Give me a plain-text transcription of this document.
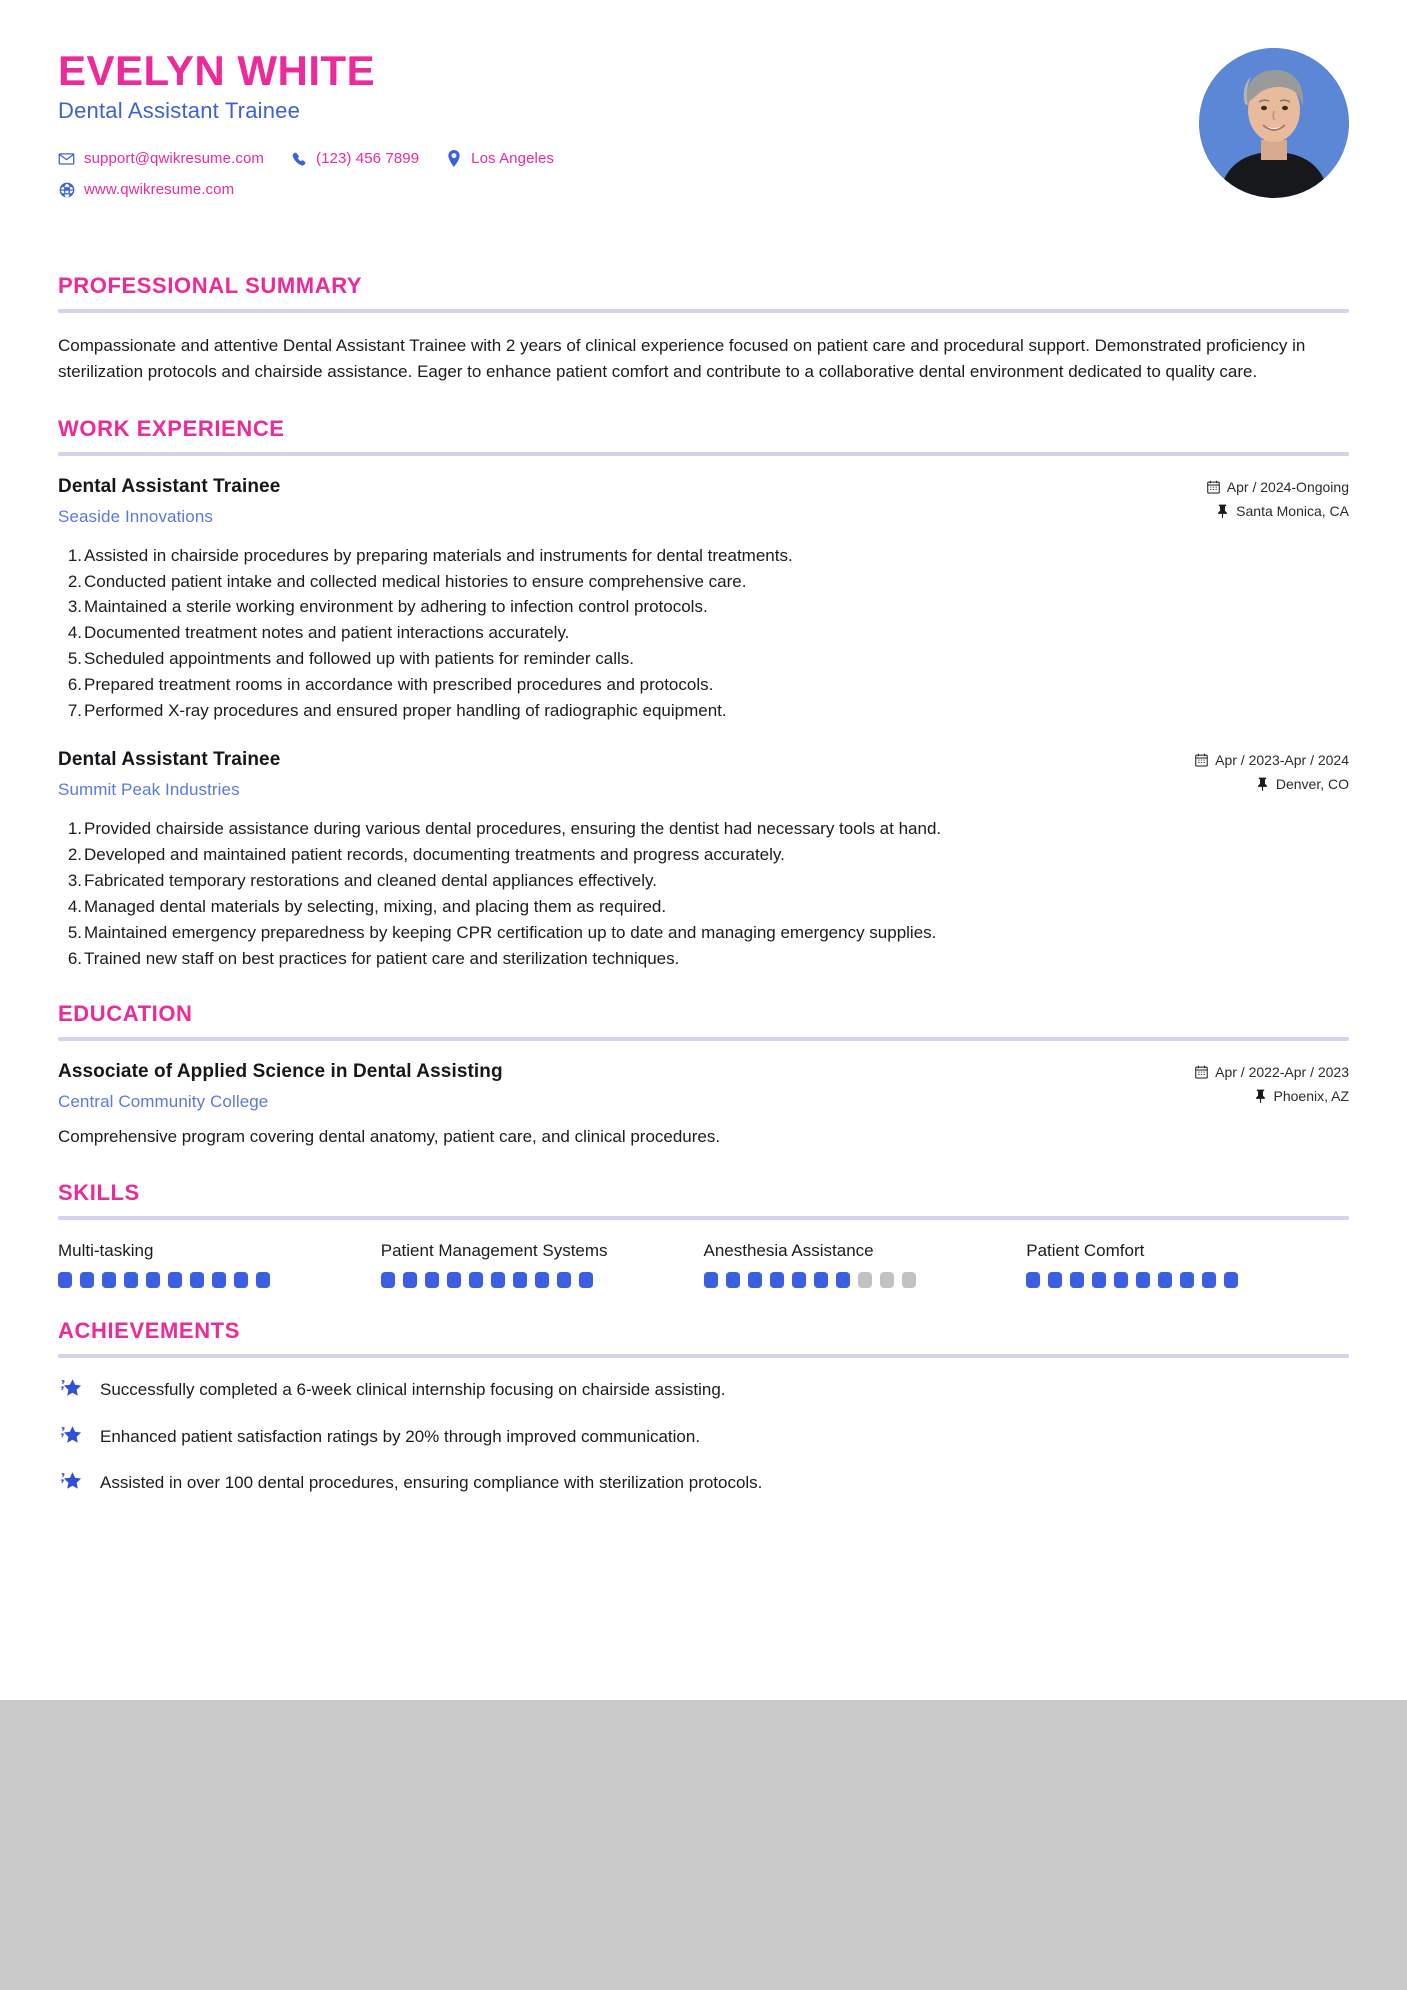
EVELYN WHITE
Dental Assistant Trainee
support@qwikresume.com	(123) 456 7899	Los Angeles
www.qwikresume.com
PROFESSIONAL SUMMARY
Compassionate and attentive Dental Assistant Trainee with 2 years of clinical experience focused on patient care and procedural support. Demonstrated proficiency in sterilization protocols and chairside assistance. Eager to enhance patient comfort and contribute to a collaborative dental environment dedicated to quality care.
WORK EXPERIENCE
Dental Assistant Trainee
Seaside Innovations
Apr / 2024-Ongoing
Santa Monica, CA
1. Assisted in chairside procedures by preparing materials and instruments for dental treatments.
2. Conducted patient intake and collected medical histories to ensure comprehensive care.
3. Maintained a sterile working environment by adhering to infection control protocols.
4. Documented treatment notes and patient interactions accurately.
5. Scheduled appointments and followed up with patients for reminder calls.
6. Prepared treatment rooms in accordance with prescribed procedures and protocols.
7. Performed X-ray procedures and ensured proper handling of radiographic equipment.
Dental Assistant Trainee
Summit Peak Industries
Apr / 2023-Apr / 2024
Denver, CO
1. Provided chairside assistance during various dental procedures, ensuring the dentist had necessary tools at hand.
2. Developed and maintained patient records, documenting treatments and progress accurately.
3. Fabricated temporary restorations and cleaned dental appliances effectively.
4. Managed dental materials by selecting, mixing, and placing them as required.
5. Maintained emergency preparedness by keeping CPR certification up to date and managing emergency supplies.
6. Trained new staff on best practices for patient care and sterilization techniques.
EDUCATION
Associate of Applied Science in Dental Assisting
Central Community College
Apr / 2022-Apr / 2023
Phoenix, AZ
Comprehensive program covering dental anatomy, patient care, and clinical procedures.
SKILLS
Multi-tasking	Patient Management Systems	Anesthesia Assistance	Patient Comfort
ACHIEVEMENTS
Successfully completed a 6-week clinical internship focusing on chairside assisting.
Enhanced patient satisfaction ratings by 20% through improved communication.
Assisted in over 100 dental procedures, ensuring compliance with sterilization protocols.
